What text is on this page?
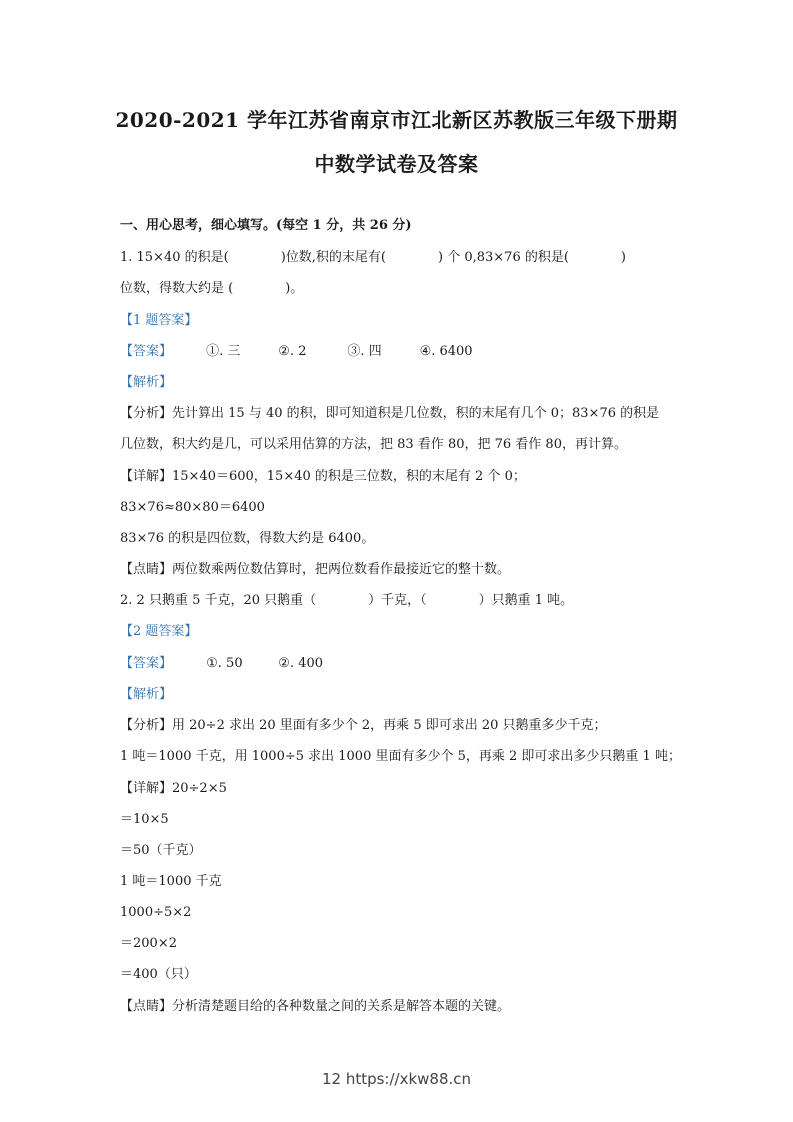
2020-2021 学年江苏省南京市江北新区苏教版三年级下册期
中数学试卷及答案
一、用心思考，细心填写。(每空 1 分，共 26 分)
1. 15×40 的积是(　　　　)位数,积的末尾有(　　　　) 个 0,83×76 的积是(　　　　)
位数，得数大约是 (　　　　)。
【1 题答案】
【答案】	①. 三	②. 2	③. 四	④. 6400
【解析】
【分析】先计算出 15 与 40 的积，即可知道积是几位数，积的末尾有几个 0；83×76 的积是
几位数，积大约是几，可以采用估算的方法，把 83 看作 80，把 76 看作 80，再计算。
【详解】15×40＝600，15×40 的积是三位数，积的末尾有 2 个 0；
83×76≈80×80＝6400
83×76 的积是四位数，得数大约是 6400。
【点睛】两位数乘两位数估算时，把两位数看作最接近它的整十数。
2. 2 只鹅重 5 千克，20 只鹅重（　　　　）千克，（　　　　）只鹅重 1 吨。
【2 题答案】
【答案】	①. 50	②. 400
【解析】
【分析】用 20÷2 求出 20 里面有多少个 2，再乘 5 即可求出 20 只鹅重多少千克；
1 吨＝1000 千克，用 1000÷5 求出 1000 里面有多少个 5，再乘 2 即可求出多少只鹅重 1 吨；
【详解】20÷2×5
＝10×5
＝50（千克）
1 吨＝1000 千克
1000÷5×2
＝200×2
＝400（只）
【点睛】分析清楚题目给的各种数量之间的关系是解答本题的关键。
12 https://xkw88.cn
